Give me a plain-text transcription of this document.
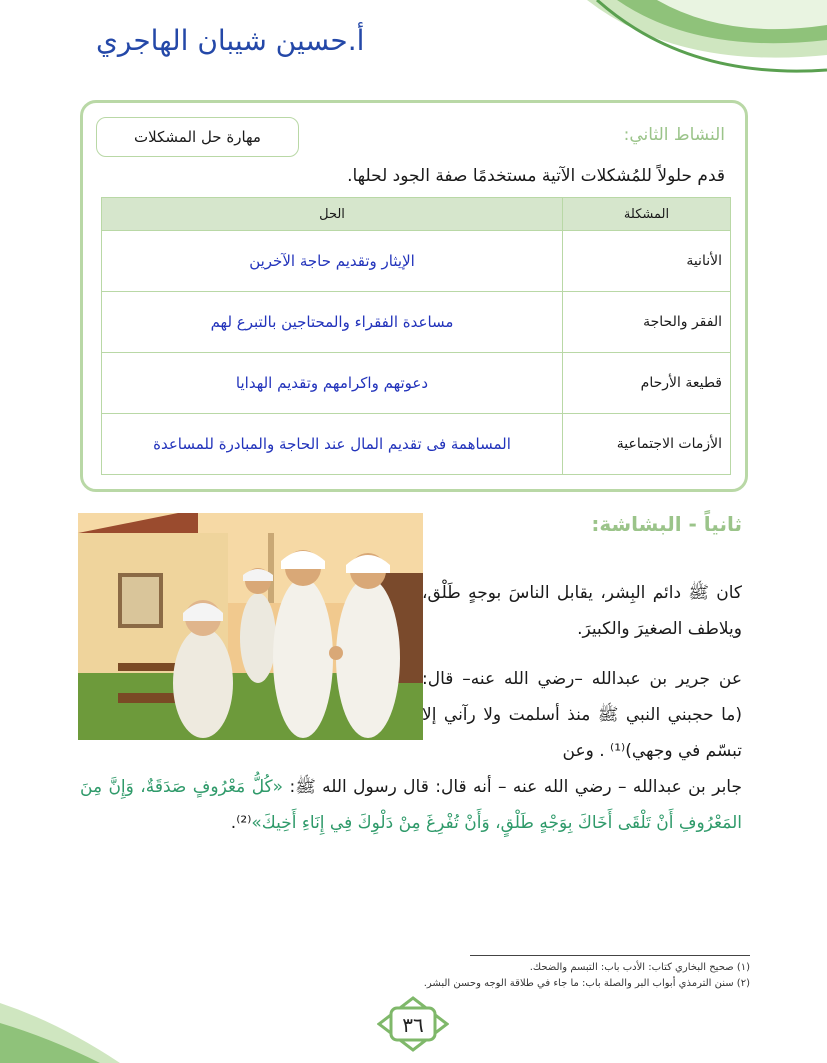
أ.حسين شيبان الهاجري
النشاط الثاني:
مهارة حل المشكلات
قدم حلولاً للمُشكلات الآتية مستخدمًا صفة الجود لحلها.
المشكلة	الحل
الأنانية	الإيثار وتقديم حاجة الآخرين
الفقر والحاجة	مساعدة الفقراء والمحتاجين بالتبرع لهم
قطيعة الأرحام	دعوتهم واكرامهم وتقديم الهدايا
الأزمات الاجتماعية	المساهمة فى تقديم المال عند الحاجة والمبادرة للمساعدة
ثانياً - البشاشة:

كان ﷺ دائم البِشر، يقابل الناسَ بوجهٍ طَلْق، ويلاطف الصغيرَ والكبيرَ.

عن جرير بن عبدالله –رضي الله عنه– قال: (ما حجبني النبي ﷺ منذ أسلمت ولا رآني إلا تبسّم في وجهي)⁽¹⁾ . وعن

جابر بن عبدالله – رضي الله عنه – أنه قال: قال رسول الله ﷺ: «كُلُّ مَعْرُوفٍ صَدَقَةٌ، وَإِنَّ مِنَ المَعْرُوفِ أَنْ تَلْقَى أَخَاكَ بِوَجْهٍ طَلْقٍ، وَأَنْ تُفْرِغَ مِنْ دَلْوِكَ فِي إِنَاءِ أَخِيكَ»⁽²⁾.

(١) صحيح البخاري كتاب: الأدب باب: التبسم والضحك.
(٢) سنن الترمذي أبواب البر والصلة باب: ما جاء في طلاقة الوجه وحسن البشر.
٣٦
